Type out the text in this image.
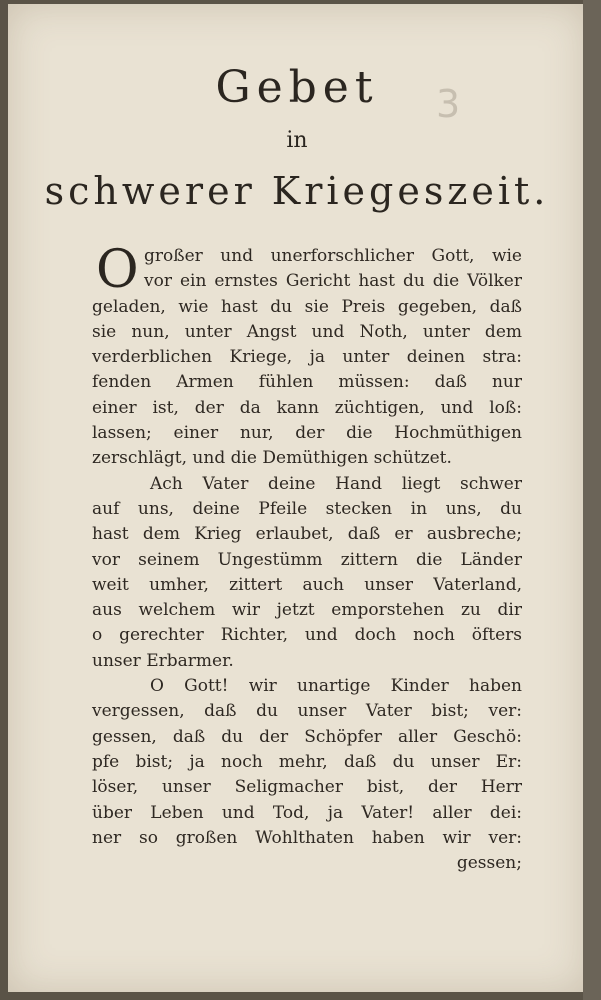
Gebet	3
in
schwerer Kriegeszeit.
O großer und unerforschlicher Gott, wie
vor ein ernstes Gericht hast du die Völker
geladen, wie hast du sie Preis gegeben, daß
sie nun, unter Angst und Noth, unter dem
verderblichen Kriege, ja unter deinen stra:
fenden Armen fühlen müssen: daß nur
einer ist, der da kann züchtigen, und loß:
lassen; einer nur, der die Hochmüthigen
zerschlägt, und die Demüthigen schützet.
Ach Vater deine Hand liegt schwer
auf uns, deine Pfeile stecken in uns, du
hast dem Krieg erlaubet, daß er ausbreche;
vor seinem Ungestümm zittern die Länder
weit umher, zittert auch unser Vaterland,
aus welchem wir jetzt emporstehen zu dir
o gerechter Richter, und doch noch öfters
unser Erbarmer.
O Gott! wir unartige Kinder haben
vergessen, daß du unser Vater bist; ver:
gessen, daß du der Schöpfer aller Geschö:
pfe bist; ja noch mehr, daß du unser Er:
löser, unser Seligmacher bist, der Herr
über Leben und Tod, ja Vater! aller dei:
ner so großen Wohlthaten haben wir ver:
gessen;
